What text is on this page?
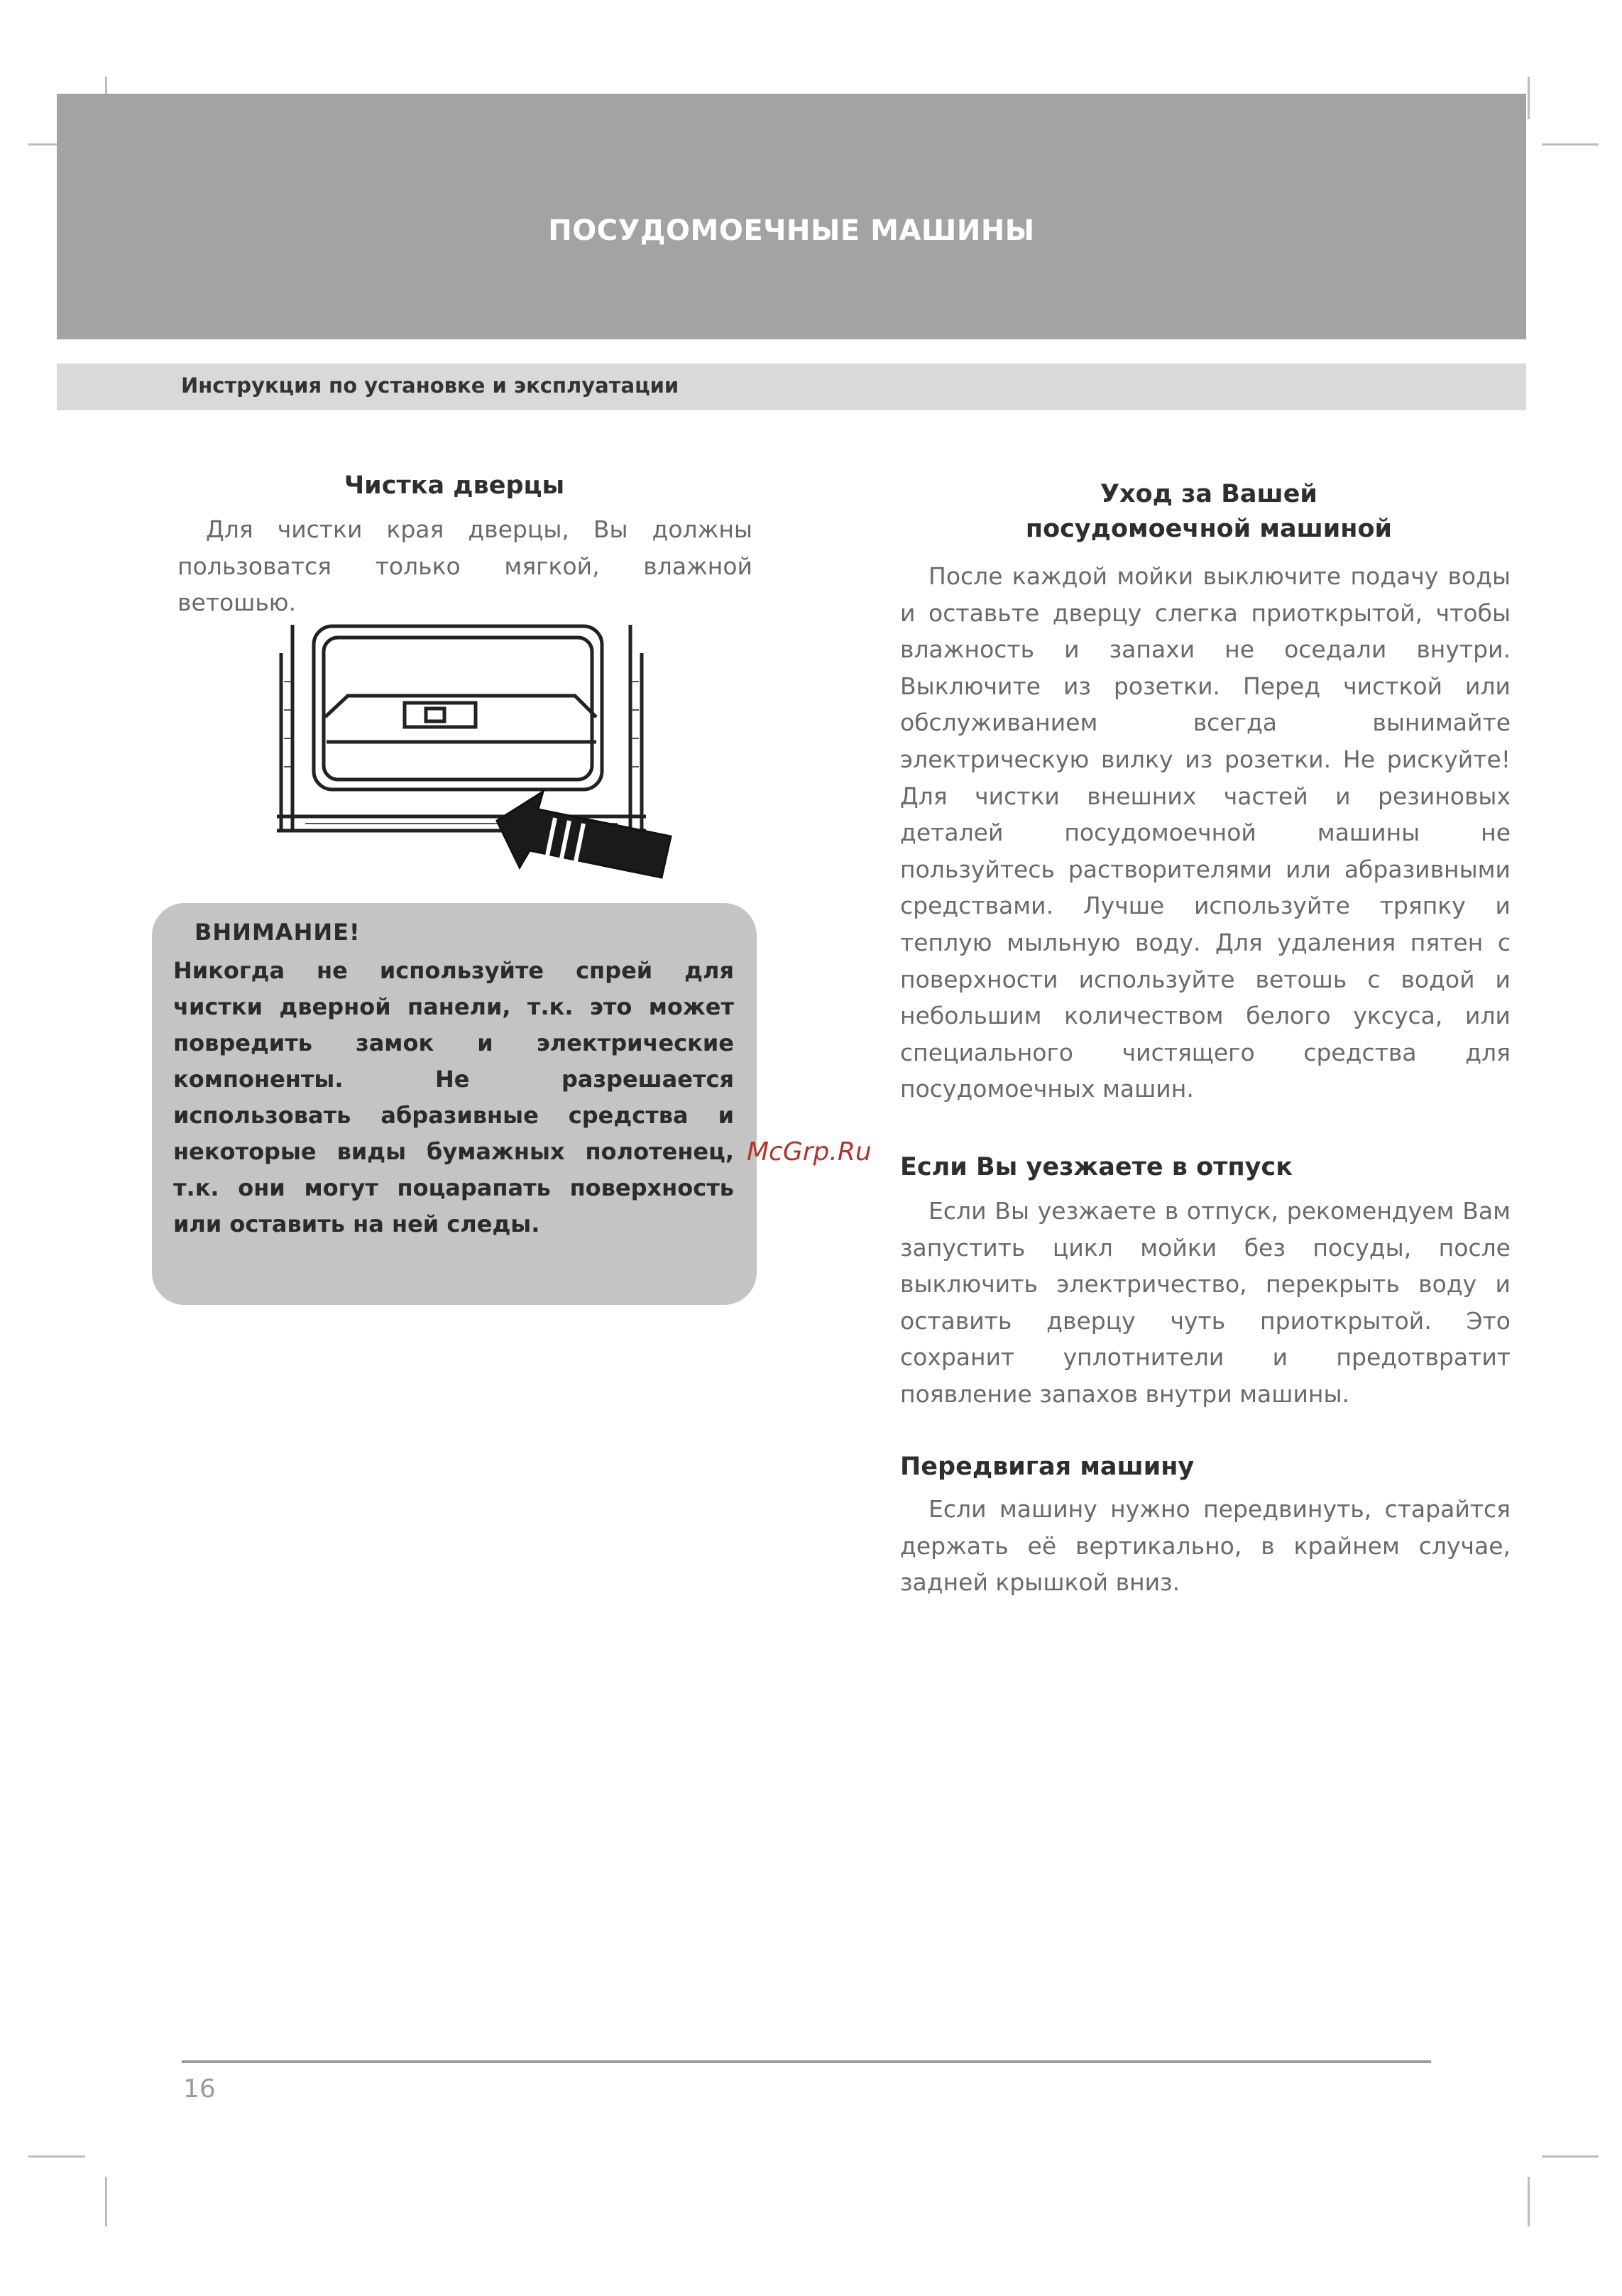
ПОСУДОМОЕЧНЫЕ МАШИНЫ
Инструкция по установке и эксплуатации
Чистка дверцы
Для чистки края дверцы, Вы должны пользоватся только мягкой, влажной ветошью.
ВНИМАНИЕ!
Никогда не используйте спрей для чистки дверной панели, т.к. это может повредить замок и электрические компоненты. Не разрешается использовать абразивные средства и некоторые виды бумажных полотенец, т.к. они могут поцарапать поверхность или оставить на ней следы.
McGrp.Ru
Уход за Вашей
посудомоечной машиной
После каждой мойки выключите подачу воды и оставьте дверцу слегка приоткрытой, чтобы влажность и запахи не оседали внутри. Выключите из розетки. Перед чисткой или обслуживанием всегда вынимайте электрическую вилку из розетки. Не рискуйте! Для чистки внешних частей и резиновых деталей посудомоечной машины не пользуйтесь растворителями или абразивными средствами. Лучше используйте тряпку и теплую мыльную воду. Для удаления пятен с поверхности используйте ветошь с водой и небольшим количеством белого уксуса, или специального чистящего средства для посудомоечных машин.
Если Вы уезжаете в отпуск
Если Вы уезжаете в отпуск, рекомендуем Вам запустить цикл мойки без посуды, после выключить электричество, перекрыть воду и оставить дверцу чуть приоткрытой. Это сохранит уплотнители и предотвратит появление запахов внутри машины.
Передвигая машину
Если машину нужно передвинуть, старайтся держать её вертикально, в крайнем случае, задней крышкой вниз.
16
